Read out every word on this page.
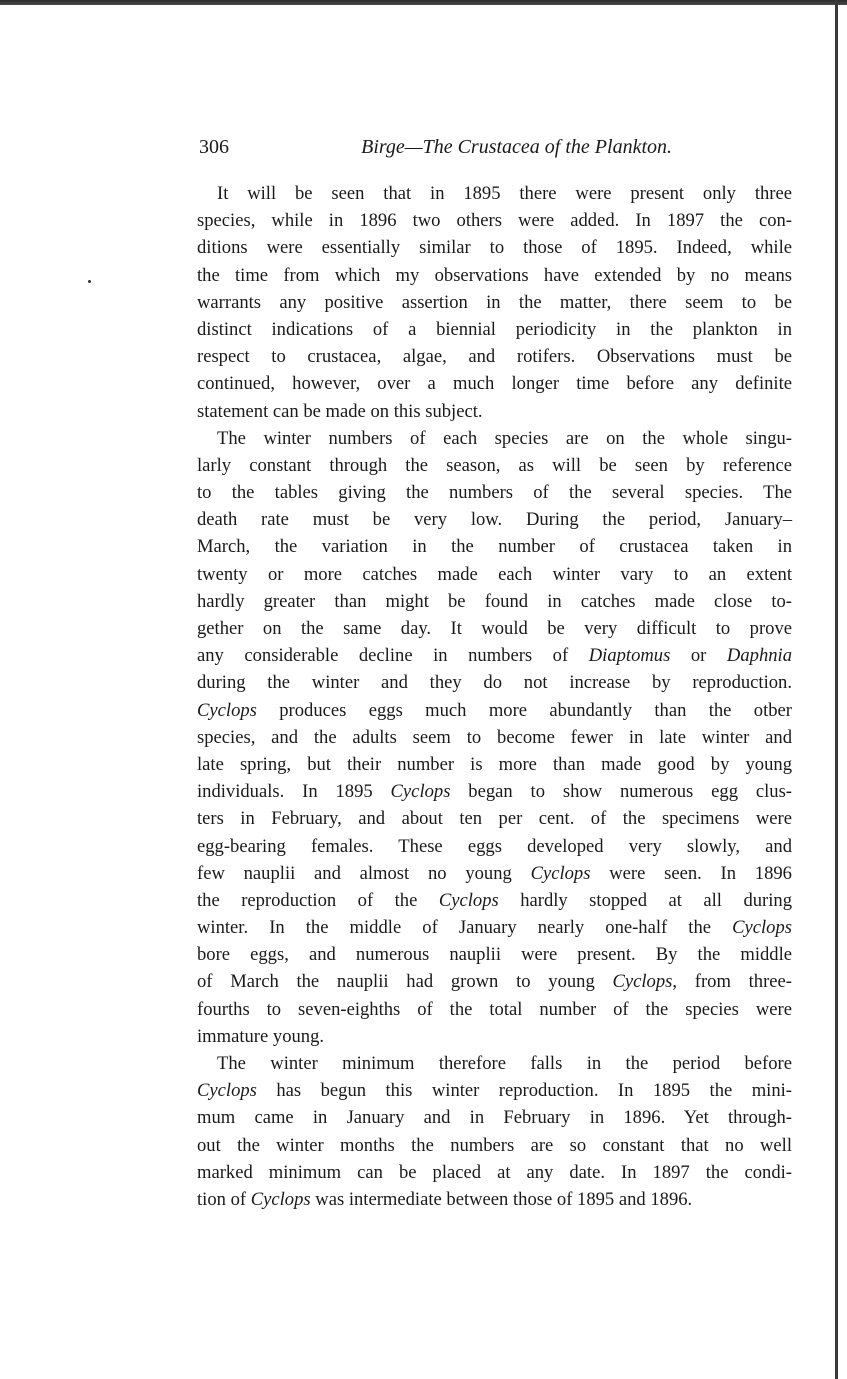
306	Birge—The Crustacea of the Plankton.
It will be seen that in 1895 there were present only three
species, while in 1896 two others were added. In 1897 the con-
ditions were essentially similar to those of 1895. Indeed, while
the time from which my observations have extended by no means
warrants any positive assertion in the matter, there seem to be
distinct indications of a biennial periodicity in the plankton in
respect to crustacea, algae, and rotifers. Observations must be
continued, however, over a much longer time before any definite
statement can be made on this subject.
The winter numbers of each species are on the whole singu-
larly constant through the season, as will be seen by reference
to the tables giving the numbers of the several species. The
death rate must be very low. During the period, January–
March, the variation in the number of crustacea taken in
twenty or more catches made each winter vary to an extent
hardly greater than might be found in catches made close to-
gether on the same day. It would be very difficult to prove
any considerable decline in numbers of Diaptomus or Daphnia
during the winter and they do not increase by reproduction.
Cyclops produces eggs much more abundantly than the otber
species, and the adults seem to become fewer in late winter and
late spring, but their number is more than made good by young
individuals. In 1895 Cyclops began to show numerous egg clus-
ters in February, and about ten per cent. of the specimens were
egg-bearing females. These eggs developed very slowly, and
few nauplii and almost no young Cyclops were seen. In 1896
the reproduction of the Cyclops hardly stopped at all during
winter. In the middle of January nearly one-half the Cyclops
bore eggs, and numerous nauplii were present. By the middle
of March the nauplii had grown to young Cyclops, from three-
fourths to seven-eighths of the total number of the species were
immature young.
The winter minimum therefore falls in the period before
Cyclops has begun this winter reproduction. In 1895 the mini-
mum came in January and in February in 1896. Yet through-
out the winter months the numbers are so constant that no well
marked minimum can be placed at any date. In 1897 the condi-
tion of Cyclops was intermediate between those of 1895 and 1896.
